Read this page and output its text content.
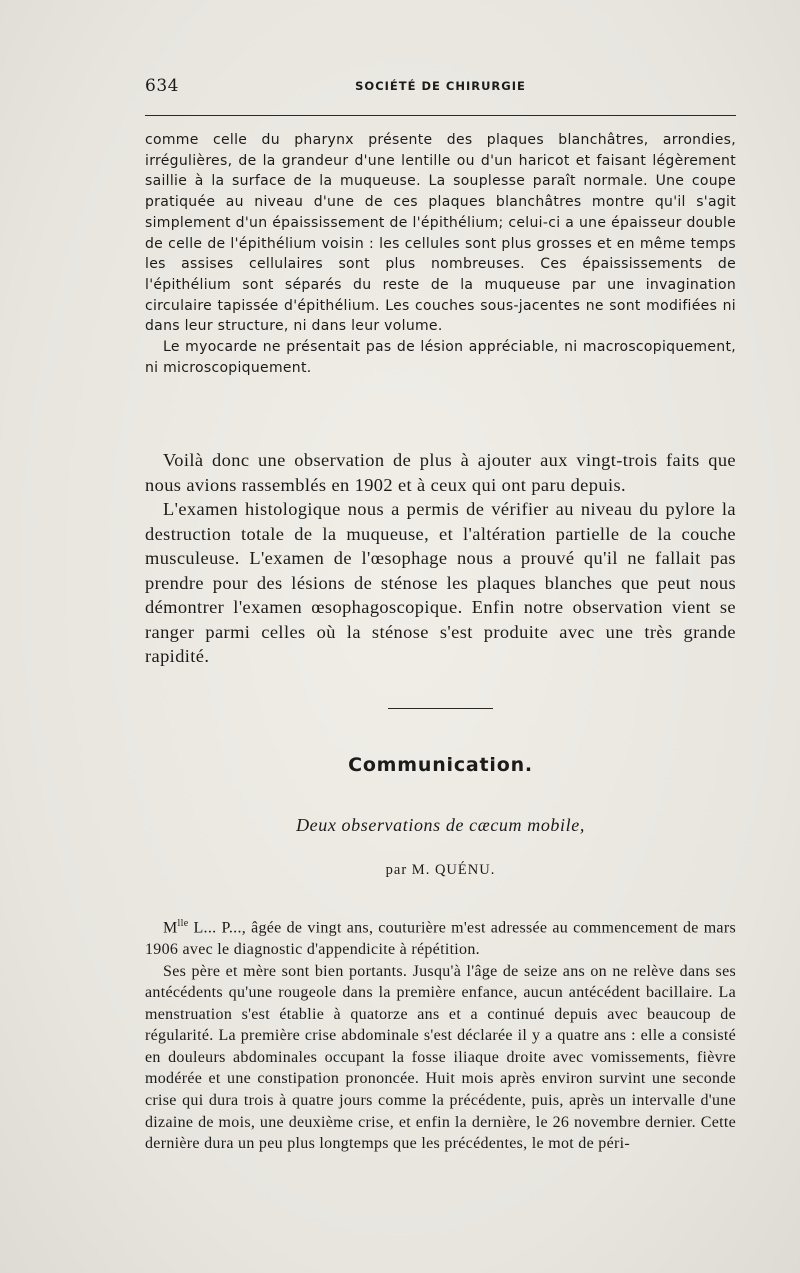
634	SOCIÉTÉ DE CHIRURGIE

comme celle du pharynx présente des plaques blanchâtres, arrondies, irrégulières, de la grandeur d'une lentille ou d'un haricot et faisant légèrement saillie à la surface de la muqueuse. La souplesse paraît normale. Une coupe pratiquée au niveau d'une de ces plaques blanchâtres montre qu'il s'agit simplement d'un épaississement de l'épithélium; celui-ci a une épaisseur double de celle de l'épithélium voisin : les cellules sont plus grosses et en même temps les assises cellulaires sont plus nombreuses. Ces épaississements de l'épithélium sont séparés du reste de la muqueuse par une invagination circulaire tapissée d'épithélium. Les couches sous-jacentes ne sont modifiées ni dans leur structure, ni dans leur volume.

Le myocarde ne présentait pas de lésion appréciable, ni macroscopiquement, ni microscopiquement.

Voilà donc une observation de plus à ajouter aux vingt-trois faits que nous avions rassemblés en 1902 et à ceux qui ont paru depuis.

L'examen histologique nous a permis de vérifier au niveau du pylore la destruction totale de la muqueuse, et l'altération partielle de la couche musculeuse. L'examen de l'œsophage nous a prouvé qu'il ne fallait pas prendre pour des lésions de sténose les plaques blanches que peut nous démontrer l'examen œsophagoscopique. Enfin notre observation vient se ranger parmi celles où la sténose s'est produite avec une très grande rapidité.

Communication.
Deux observations de cæcum mobile,
par M. QUÉNU.

$M^{lle}$ L... P..., âgée de vingt ans, couturière m'est adressée au commencement de mars 1906 avec le diagnostic d'appendicite à répétition.

Ses père et mère sont bien portants. Jusqu'à l'âge de seize ans on ne relève dans ses antécédents qu'une rougeole dans la première enfance, aucun antécédent bacillaire. La menstruation s'est établie à quatorze ans et a continué depuis avec beaucoup de régularité. La première crise abdominale s'est déclarée il y a quatre ans : elle a consisté en douleurs abdominales occupant la fosse iliaque droite avec vomissements, fièvre modérée et une constipation prononcée. Huit mois après environ survint une seconde crise qui dura trois à quatre jours comme la précédente, puis, après un intervalle d'une dizaine de mois, une deuxième crise, et enfin la dernière, le 26 novembre dernier. Cette dernière dura un peu plus longtemps que les précédentes, le mot de péri-
